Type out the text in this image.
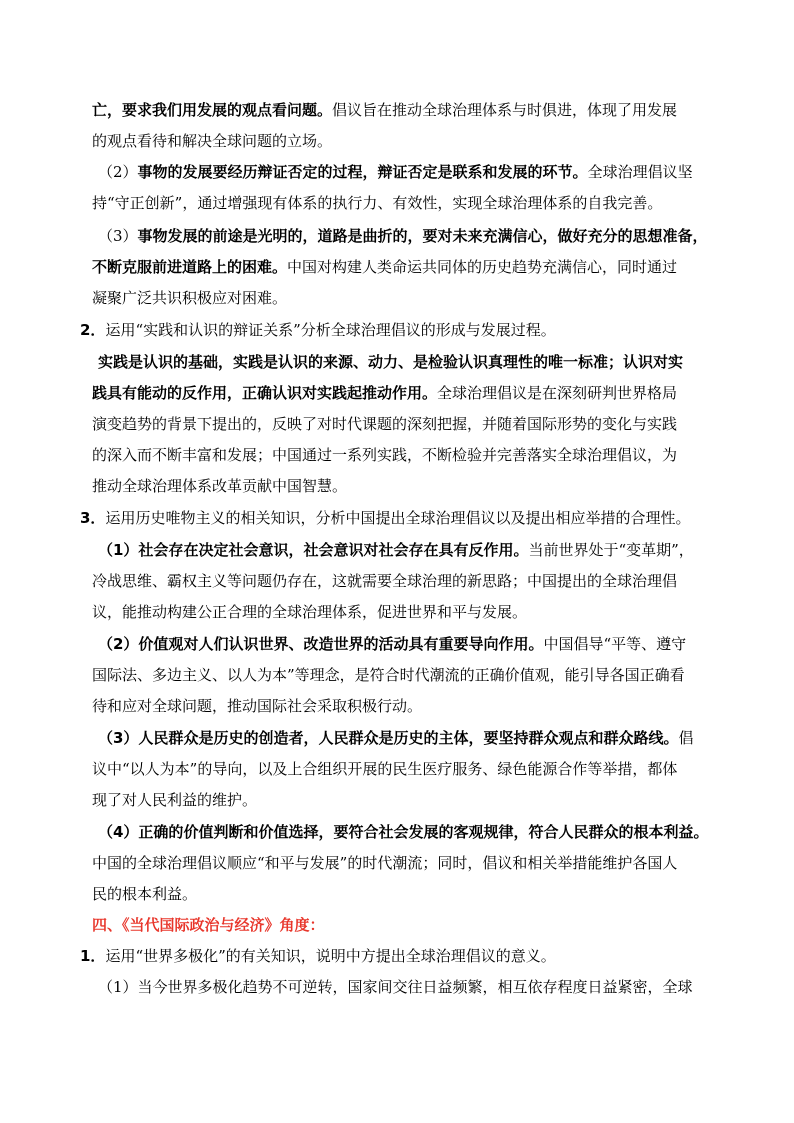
亡，要求我们用发展的观点看问题。倡议旨在推动全球治理体系与时俱进，体现了用发展
的观点看待和解决全球问题的立场。
（2）事物的发展要经历辩证否定的过程，辩证否定是联系和发展的环节。全球治理倡议坚
持“守正创新”，通过增强现有体系的执行力、有效性，实现全球治理体系的自我完善。
（3）事物发展的前途是光明的，道路是曲折的，要对未来充满信心，做好充分的思想准备，
不断克服前进道路上的困难。中国对构建人类命运共同体的历史趋势充满信心，同时通过
凝聚广泛共识积极应对困难。
2．运用“实践和认识的辩证关系”分析全球治理倡议的形成与发展过程。
实践是认识的基础，实践是认识的来源、动力、是检验认识真理性的唯一标准；认识对实
践具有能动的反作用，正确认识对实践起推动作用。全球治理倡议是在深刻研判世界格局
演变趋势的背景下提出的，反映了对时代课题的深刻把握，并随着国际形势的变化与实践
的深入而不断丰富和发展；中国通过一系列实践，不断检验并完善落实全球治理倡议，为
推动全球治理体系改革贡献中国智慧。
3．运用历史唯物主义的相关知识，分析中国提出全球治理倡议以及提出相应举措的合理性。
（1）社会存在决定社会意识，社会意识对社会存在具有反作用。当前世界处于“变革期”，
冷战思维、霸权主义等问题仍存在，这就需要全球治理的新思路；中国提出的全球治理倡
议，能推动构建公正合理的全球治理体系，促进世界和平与发展。
（2）价值观对人们认识世界、改造世界的活动具有重要导向作用。中国倡导“平等、遵守
国际法、多边主义、以人为本”等理念，是符合时代潮流的正确价值观，能引导各国正确看
待和应对全球问题，推动国际社会采取积极行动。
（3）人民群众是历史的创造者，人民群众是历史的主体，要坚持群众观点和群众路线。倡
议中“以人为本”的导向，以及上合组织开展的民生医疗服务、绿色能源合作等举措，都体
现了对人民利益的维护。
（4）正确的价值判断和价值选择，要符合社会发展的客观规律，符合人民群众的根本利益。
中国的全球治理倡议顺应“和平与发展”的时代潮流；同时，倡议和相关举措能维护各国人
民的根本利益。
四、《当代国际政治与经济》角度：
1．运用“世界多极化”的有关知识，说明中方提出全球治理倡议的意义。
（1）当今世界多极化趋势不可逆转，国家间交往日益频繁，相互依存程度日益紧密，全球
